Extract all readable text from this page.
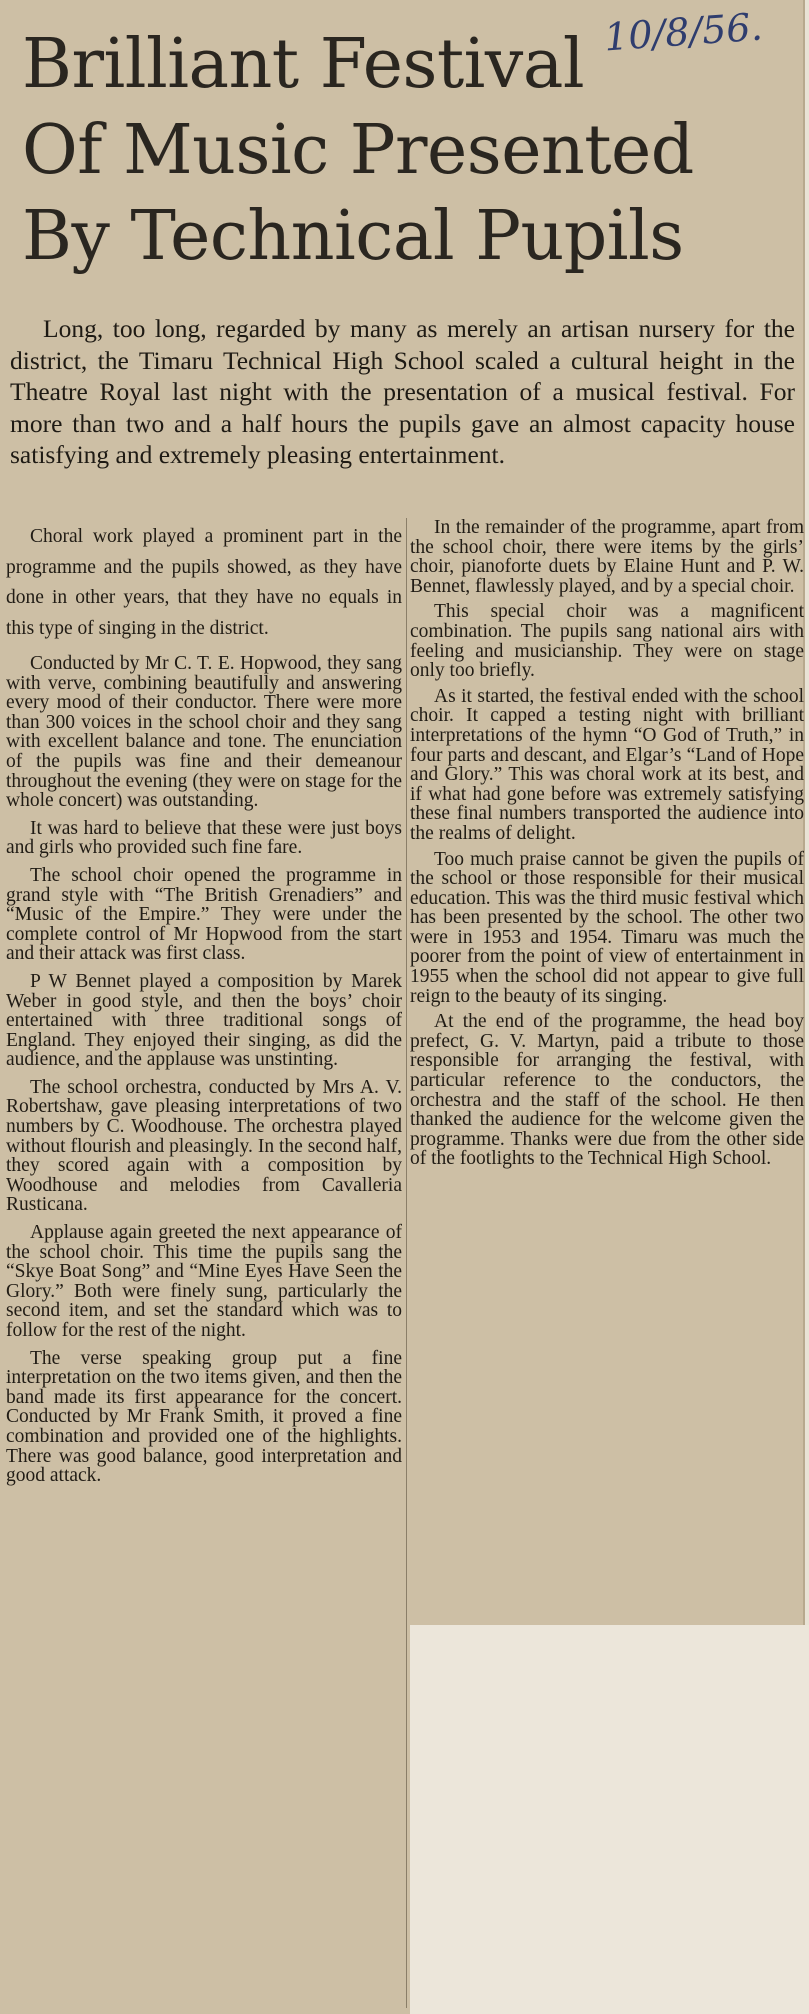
10/8/56.
Brilliant Festival
Of Music Presented
By Technical Pupils

Long, too long, regarded by many as merely an artisan nursery for the district, the Timaru Technical High School scaled a cultural height in the Theatre Royal last night with the presentation of a musical festival. For more than two and a half hours the pupils gave an almost capacity house satisfying and extremely pleasing entertainment.

Choral work played a prominent part in the programme and the pupils showed, as they have done in other years, that they have no equals in this type of singing in the district.

Conducted by Mr C. T. E. Hopwood, they sang with verve, combining beautifully and answering every mood of their conductor. There were more than 300 voices in the school choir and they sang with excellent balance and tone. The enunciation of the pupils was fine and their demeanour throughout the evening (they were on stage for the whole concert) was outstanding.

It was hard to believe that these were just boys and girls who provided such fine fare.

The school choir opened the programme in grand style with “The British Grenadiers” and “Music of the Empire.” They were under the complete control of Mr Hopwood from the start and their attack was first class.

P W Bennet played a composition by Marek Weber in good style, and then the boys’ choir entertained with three traditional songs of England. They enjoyed their singing, as did the audience, and the applause was unstinting.

The school orchestra, conducted by Mrs A. V. Robertshaw, gave pleasing interpretations of two numbers by C. Woodhouse. The orchestra played without flourish and pleasingly. In the second half, they scored again with a composition by Woodhouse and melodies from Cavalleria Rusticana.

Applause again greeted the next appearance of the school choir. This time the pupils sang the “Skye Boat Song” and “Mine Eyes Have Seen the Glory.” Both were finely sung, particularly the second item, and set the standard which was to follow for the rest of the night.

The verse speaking group put a fine interpretation on the two items given, and then the band made its first appearance for the concert. Conducted by Mr Frank Smith, it proved a fine combination and provided one of the highlights. There was good balance, good interpretation and good attack.

In the remainder of the programme, apart from the school choir, there were items by the girls’ choir, pianoforte duets by Elaine Hunt and P. W. Bennet, flawlessly played, and by a special choir.

This special choir was a magnificent combination. The pupils sang national airs with feeling and musicianship. They were on stage only too briefly.

As it started, the festival ended with the school choir. It capped a testing night with brilliant interpretations of the hymn “O God of Truth,” in four parts and descant, and Elgar’s “Land of Hope and Glory.” This was choral work at its best, and if what had gone before was extremely satisfying these final numbers transported the audience into the realms of delight.

Too much praise cannot be given the pupils of the school or those responsible for their musical education. This was the third music festival which has been presented by the school. The other two were in 1953 and 1954. Timaru was much the poorer from the point of view of entertainment in 1955 when the school did not appear to give full reign to the beauty of its singing.

At the end of the programme, the head boy prefect, G. V. Martyn, paid a tribute to those responsible for arranging the festival, with particular reference to the conductors, the orchestra and the staff of the school. He then thanked the audience for the welcome given the programme. Thanks were due from the other side of the footlights to the Technical High School.
